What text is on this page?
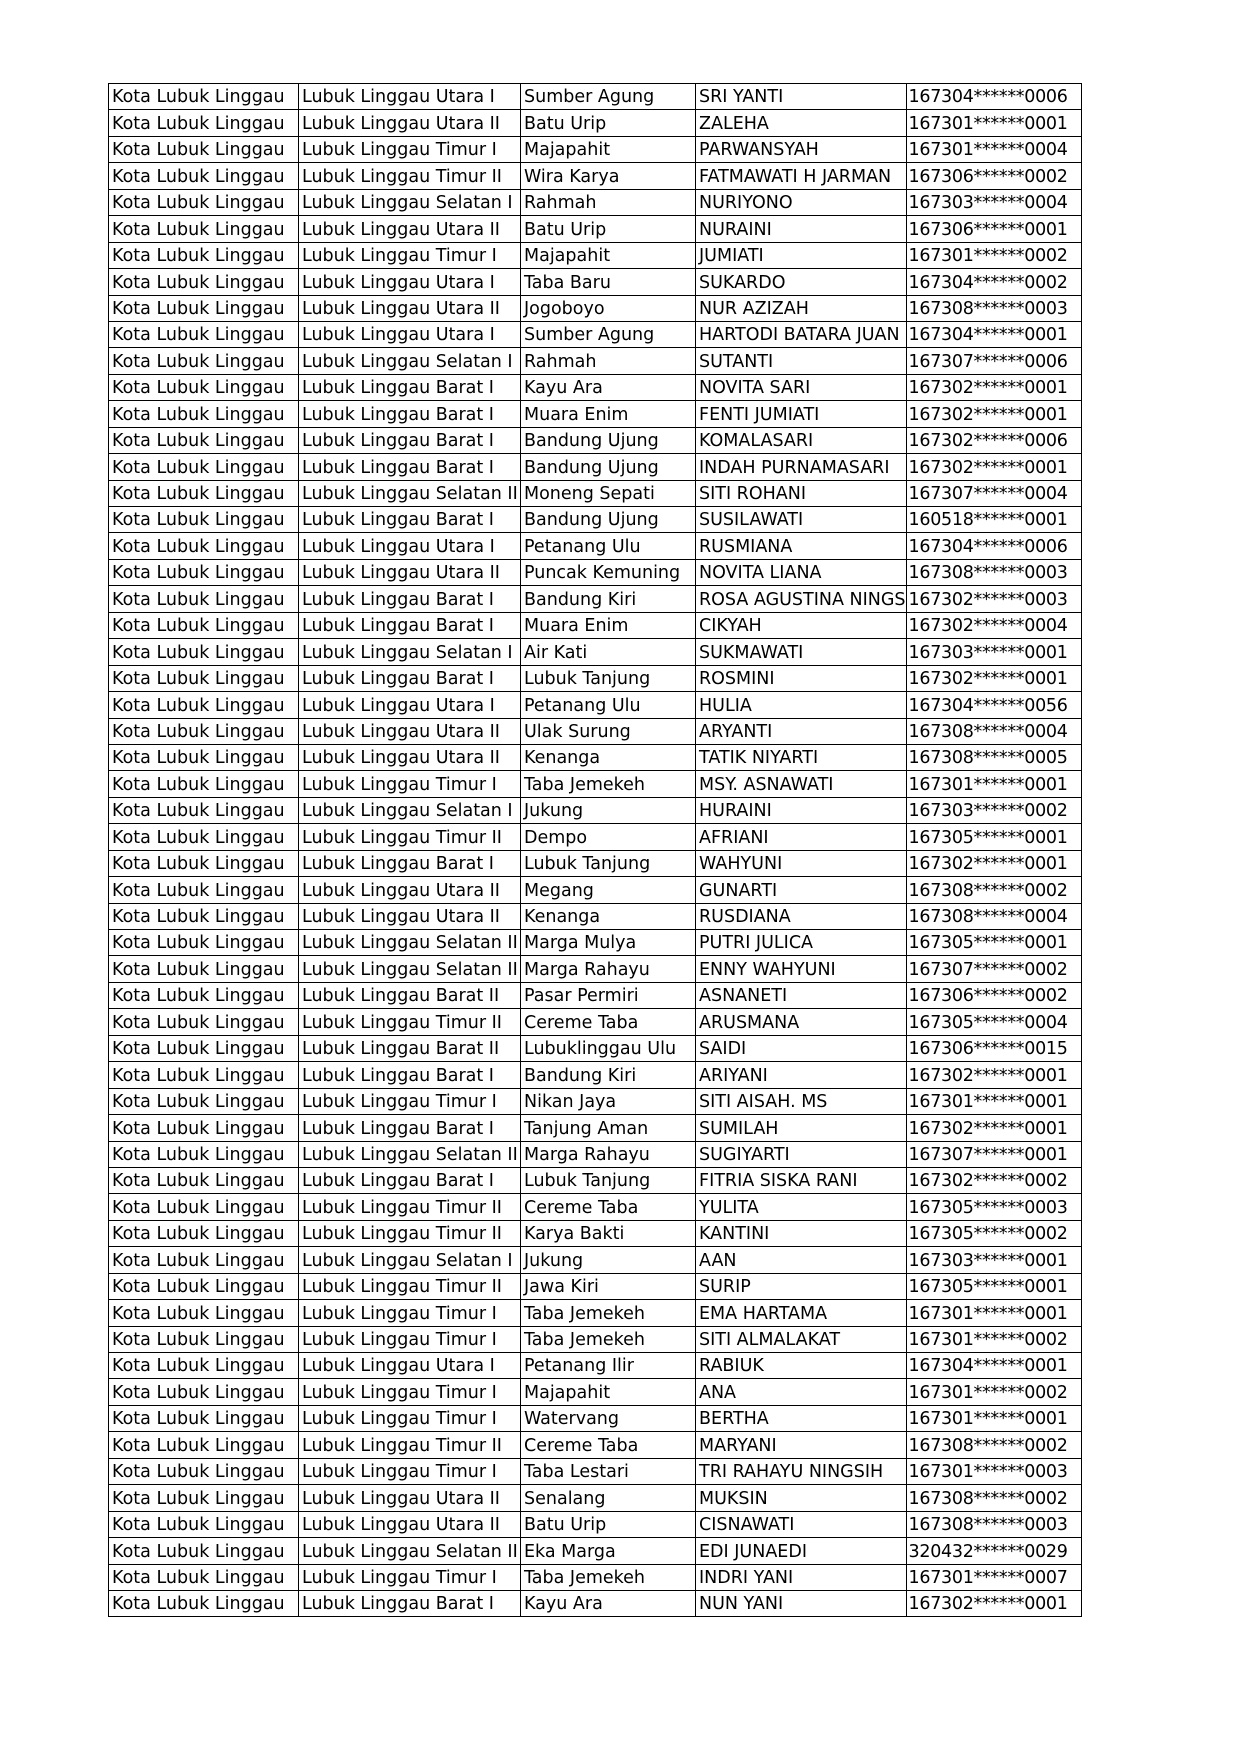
Kota Lubuk Linggau	Lubuk Linggau Utara I	Sumber Agung	SRI YANTI	167304******0006
Kota Lubuk Linggau	Lubuk Linggau Utara II	Batu Urip	ZALEHA	167301******0001
Kota Lubuk Linggau	Lubuk Linggau Timur I	Majapahit	PARWANSYAH	167301******0004
Kota Lubuk Linggau	Lubuk Linggau Timur II	Wira Karya	FATMAWATI H JARMAN	167306******0002
Kota Lubuk Linggau	Lubuk Linggau Selatan I	Rahmah	NURIYONO	167303******0004
Kota Lubuk Linggau	Lubuk Linggau Utara II	Batu Urip	NURAINI	167306******0001
Kota Lubuk Linggau	Lubuk Linggau Timur I	Majapahit	JUMIATI	167301******0002
Kota Lubuk Linggau	Lubuk Linggau Utara I	Taba Baru	SUKARDO	167304******0002
Kota Lubuk Linggau	Lubuk Linggau Utara II	Jogoboyo	NUR AZIZAH	167308******0003
Kota Lubuk Linggau	Lubuk Linggau Utara I	Sumber Agung	HARTODI BATARA JUAN	167304******0001
Kota Lubuk Linggau	Lubuk Linggau Selatan I	Rahmah	SUTANTI	167307******0006
Kota Lubuk Linggau	Lubuk Linggau Barat I	Kayu Ara	NOVITA SARI	167302******0001
Kota Lubuk Linggau	Lubuk Linggau Barat I	Muara Enim	FENTI JUMIATI	167302******0001
Kota Lubuk Linggau	Lubuk Linggau Barat I	Bandung Ujung	KOMALASARI	167302******0006
Kota Lubuk Linggau	Lubuk Linggau Barat I	Bandung Ujung	INDAH PURNAMASARI	167302******0001
Kota Lubuk Linggau	Lubuk Linggau Selatan II	Moneng Sepati	SITI ROHANI	167307******0004
Kota Lubuk Linggau	Lubuk Linggau Barat I	Bandung Ujung	SUSILAWATI	160518******0001
Kota Lubuk Linggau	Lubuk Linggau Utara I	Petanang Ulu	RUSMIANA	167304******0006
Kota Lubuk Linggau	Lubuk Linggau Utara II	Puncak Kemuning	NOVITA LIANA	167308******0003
Kota Lubuk Linggau	Lubuk Linggau Barat I	Bandung Kiri	ROSA AGUSTINA NINGS	167302******0003
Kota Lubuk Linggau	Lubuk Linggau Barat I	Muara Enim	CIKYAH	167302******0004
Kota Lubuk Linggau	Lubuk Linggau Selatan I	Air Kati	SUKMAWATI	167303******0001
Kota Lubuk Linggau	Lubuk Linggau Barat I	Lubuk Tanjung	ROSMINI	167302******0001
Kota Lubuk Linggau	Lubuk Linggau Utara I	Petanang Ulu	HULIA	167304******0056
Kota Lubuk Linggau	Lubuk Linggau Utara II	Ulak Surung	ARYANTI	167308******0004
Kota Lubuk Linggau	Lubuk Linggau Utara II	Kenanga	TATIK NIYARTI	167308******0005
Kota Lubuk Linggau	Lubuk Linggau Timur I	Taba Jemekeh	MSY. ASNAWATI	167301******0001
Kota Lubuk Linggau	Lubuk Linggau Selatan I	Jukung	HURAINI	167303******0002
Kota Lubuk Linggau	Lubuk Linggau Timur II	Dempo	AFRIANI	167305******0001
Kota Lubuk Linggau	Lubuk Linggau Barat I	Lubuk Tanjung	WAHYUNI	167302******0001
Kota Lubuk Linggau	Lubuk Linggau Utara II	Megang	GUNARTI	167308******0002
Kota Lubuk Linggau	Lubuk Linggau Utara II	Kenanga	RUSDIANA	167308******0004
Kota Lubuk Linggau	Lubuk Linggau Selatan II	Marga Mulya	PUTRI JULICA	167305******0001
Kota Lubuk Linggau	Lubuk Linggau Selatan II	Marga Rahayu	ENNY WAHYUNI	167307******0002
Kota Lubuk Linggau	Lubuk Linggau Barat II	Pasar Permiri	ASNANETI	167306******0002
Kota Lubuk Linggau	Lubuk Linggau Timur II	Cereme Taba	ARUSMANA	167305******0004
Kota Lubuk Linggau	Lubuk Linggau Barat II	Lubuklinggau Ulu	SAIDI	167306******0015
Kota Lubuk Linggau	Lubuk Linggau Barat I	Bandung Kiri	ARIYANI	167302******0001
Kota Lubuk Linggau	Lubuk Linggau Timur I	Nikan Jaya	SITI AISAH. MS	167301******0001
Kota Lubuk Linggau	Lubuk Linggau Barat I	Tanjung Aman	SUMILAH	167302******0001
Kota Lubuk Linggau	Lubuk Linggau Selatan II	Marga Rahayu	SUGIYARTI	167307******0001
Kota Lubuk Linggau	Lubuk Linggau Barat I	Lubuk Tanjung	FITRIA SISKA RANI	167302******0002
Kota Lubuk Linggau	Lubuk Linggau Timur II	Cereme Taba	YULITA	167305******0003
Kota Lubuk Linggau	Lubuk Linggau Timur II	Karya Bakti	KANTINI	167305******0002
Kota Lubuk Linggau	Lubuk Linggau Selatan I	Jukung	AAN	167303******0001
Kota Lubuk Linggau	Lubuk Linggau Timur II	Jawa Kiri	SURIP	167305******0001
Kota Lubuk Linggau	Lubuk Linggau Timur I	Taba Jemekeh	EMA HARTAMA	167301******0001
Kota Lubuk Linggau	Lubuk Linggau Timur I	Taba Jemekeh	SITI ALMALAKAT	167301******0002
Kota Lubuk Linggau	Lubuk Linggau Utara I	Petanang Ilir	RABIUK	167304******0001
Kota Lubuk Linggau	Lubuk Linggau Timur I	Majapahit	ANA	167301******0002
Kota Lubuk Linggau	Lubuk Linggau Timur I	Watervang	BERTHA	167301******0001
Kota Lubuk Linggau	Lubuk Linggau Timur II	Cereme Taba	MARYANI	167308******0002
Kota Lubuk Linggau	Lubuk Linggau Timur I	Taba Lestari	TRI RAHAYU NINGSIH	167301******0003
Kota Lubuk Linggau	Lubuk Linggau Utara II	Senalang	MUKSIN	167308******0002
Kota Lubuk Linggau	Lubuk Linggau Utara II	Batu Urip	CISNAWATI	167308******0003
Kota Lubuk Linggau	Lubuk Linggau Selatan II	Eka Marga	EDI JUNAEDI	320432******0029
Kota Lubuk Linggau	Lubuk Linggau Timur I	Taba Jemekeh	INDRI YANI	167301******0007
Kota Lubuk Linggau	Lubuk Linggau Barat I	Kayu Ara	NUN YANI	167302******0001
